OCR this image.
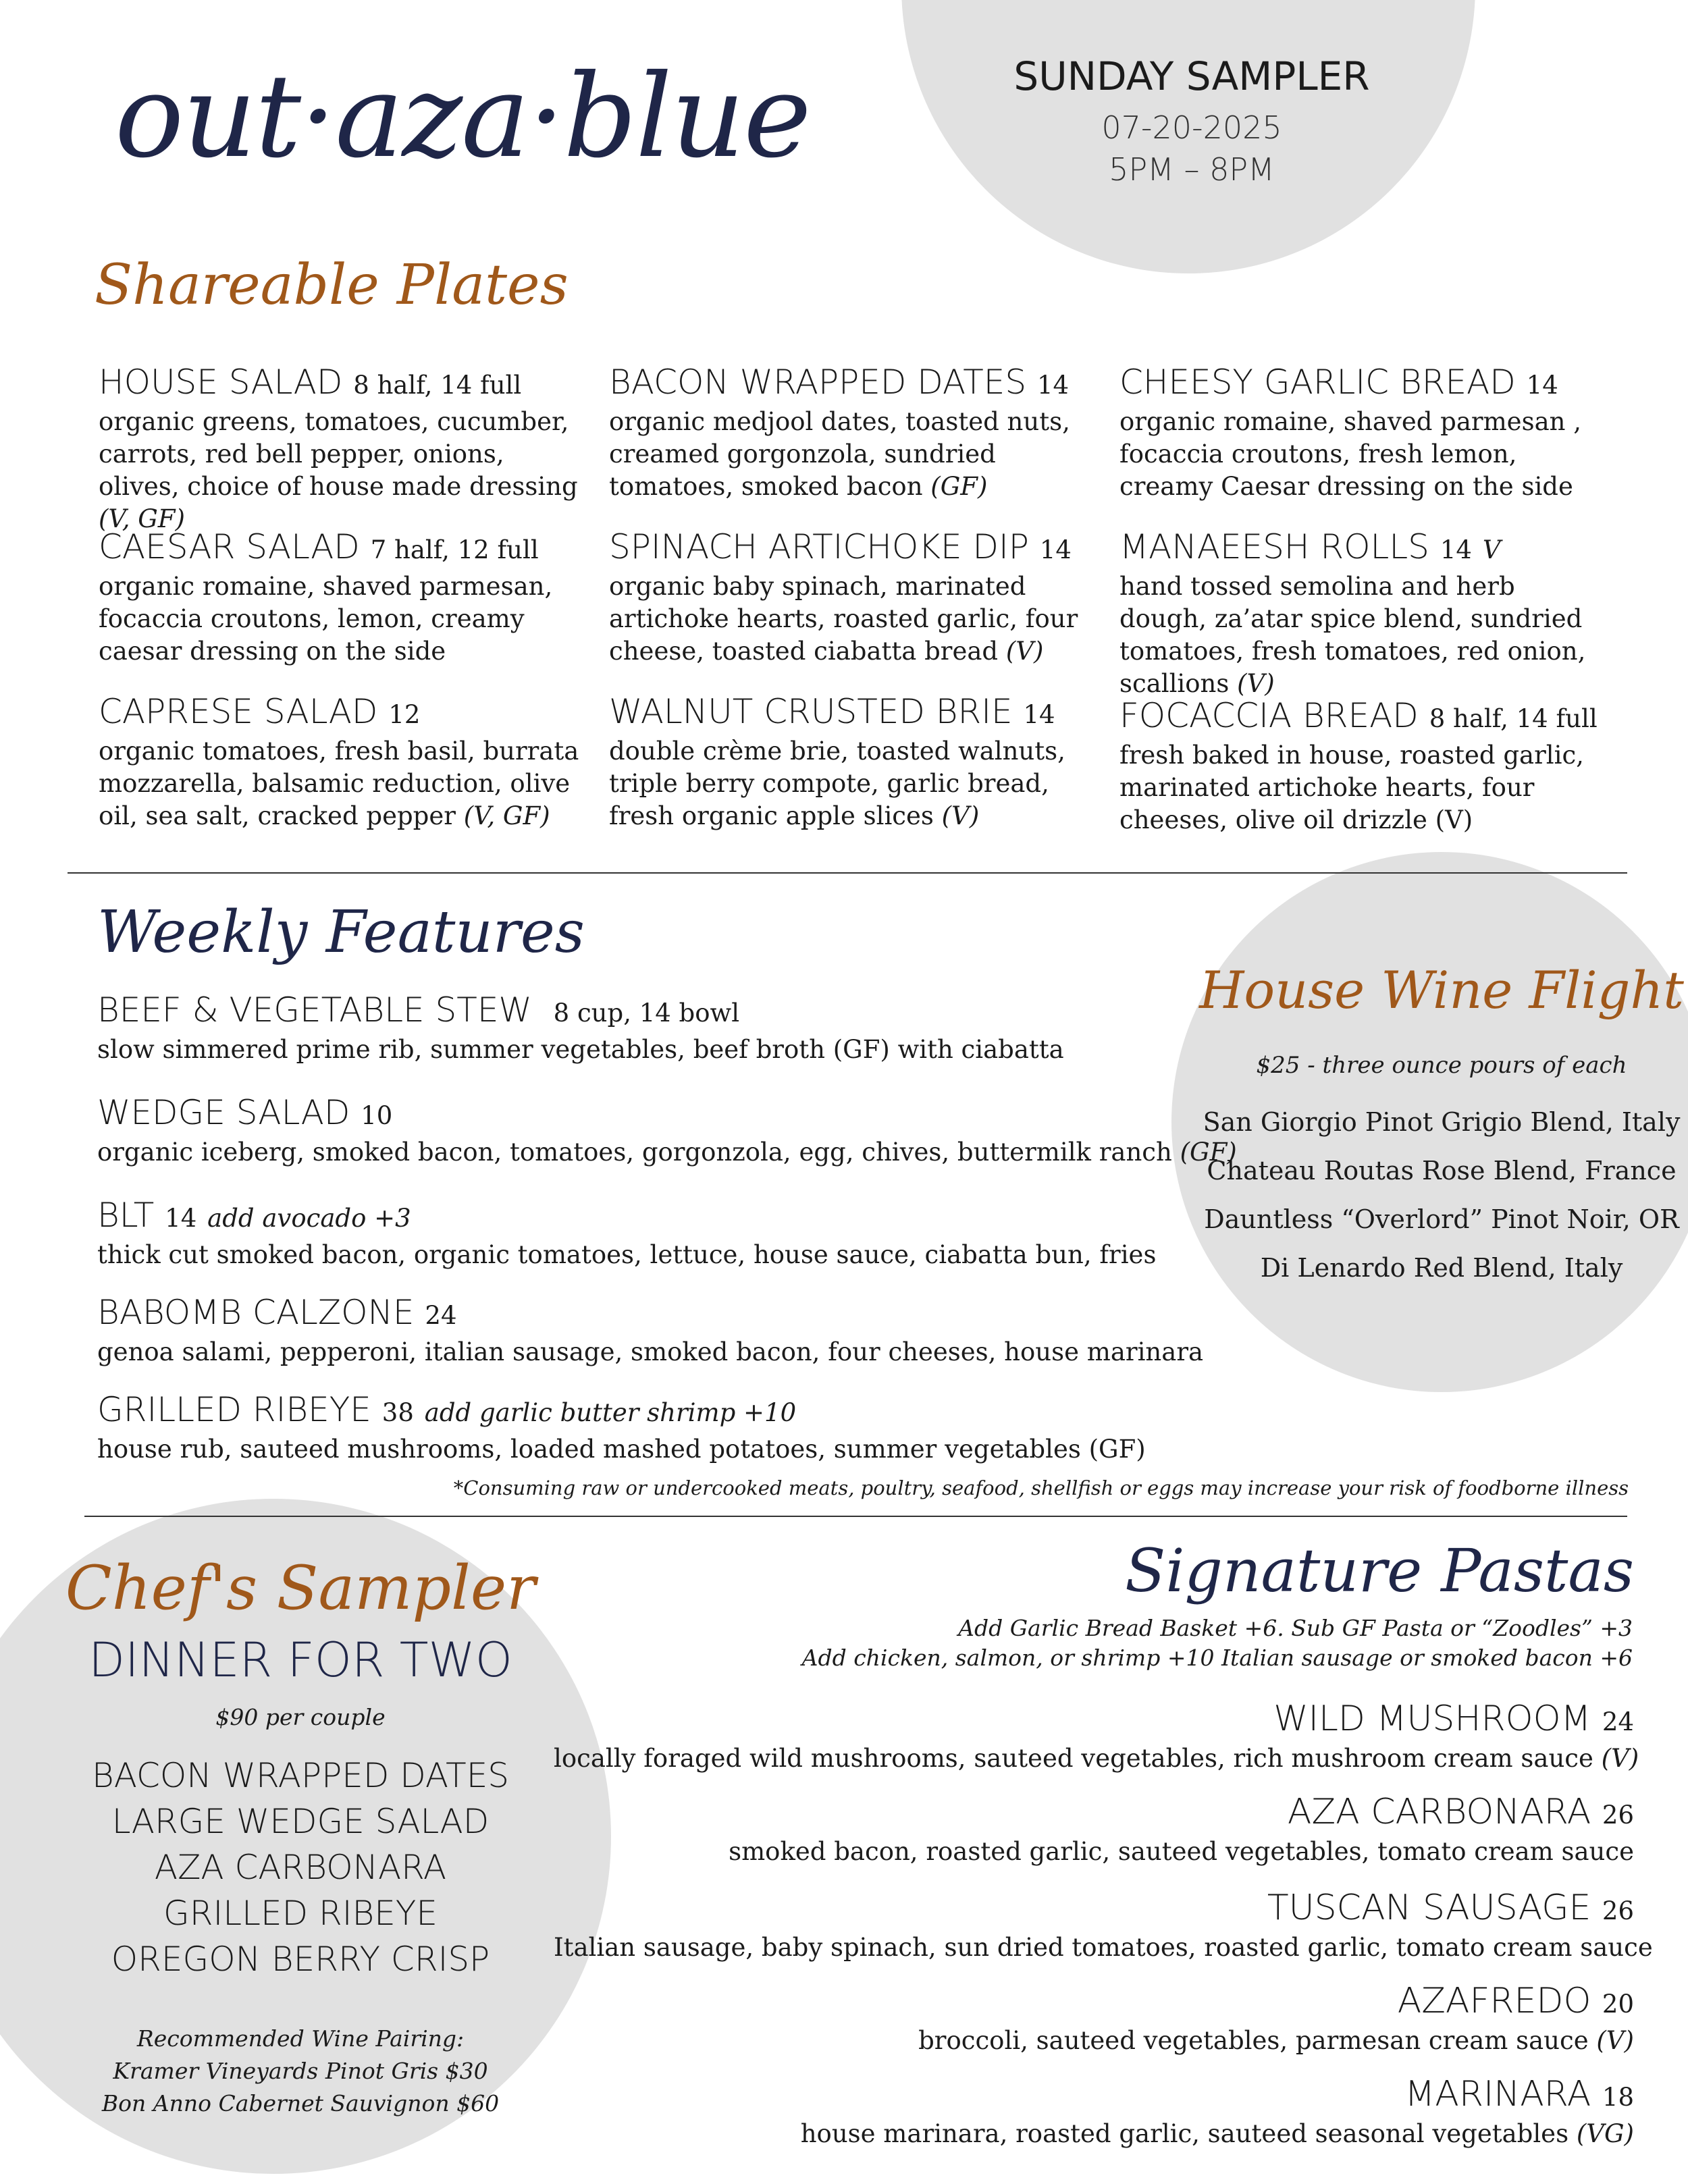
out·aza·blue	SUNDAY SAMPLER
07-20-2025
5PM – 8PM
Shareable Plates
HOUSE SALAD 8 half, 14 full
organic greens, tomatoes, cucumber, carrots, red bell pepper, onions, olives, choice of house made dressing (V, GF)
CAESAR SALAD 7 half, 12 full
organic romaine, shaved parmesan, focaccia croutons, lemon, creamy caesar dressing on the side
CAPRESE SALAD 12
organic tomatoes, fresh basil, burrata mozzarella, balsamic reduction, olive oil, sea salt, cracked pepper (V, GF)
BACON WRAPPED DATES 14
organic medjool dates, toasted nuts, creamed gorgonzola, sundried tomatoes, smoked bacon (GF)
SPINACH ARTICHOKE DIP 14
organic baby spinach, marinated artichoke hearts, roasted garlic, four cheese, toasted ciabatta bread (V)
WALNUT CRUSTED BRIE 14
double crème brie, toasted walnuts, triple berry compote, garlic bread, fresh organic apple slices (V)
CHEESY GARLIC BREAD 14
organic romaine, shaved parmesan , focaccia croutons, fresh lemon, creamy Caesar dressing on the side
MANAEESH ROLLS 14 V
hand tossed semolina and herb dough, za’atar spice blend, sundried tomatoes, fresh tomatoes, red onion, scallions (V)
FOCACCIA BREAD 8 half, 14 full
fresh baked in house, roasted garlic, marinated artichoke hearts, four cheeses, olive oil drizzle (V)
Weekly Features
BEEF & VEGETABLE STEW 8 cup, 14 bowl
slow simmered prime rib, summer vegetables, beef broth (GF) with ciabatta
WEDGE SALAD 10
organic iceberg, smoked bacon, tomatoes, gorgonzola, egg, chives, buttermilk ranch (GF)
BLT 14 add avocado +3
thick cut smoked bacon, organic tomatoes, lettuce, house sauce, ciabatta bun, fries
BABOMB CALZONE 24
genoa salami, pepperoni, italian sausage, smoked bacon, four cheeses, house marinara
GRILLED RIBEYE 38 add garlic butter shrimp +10
house rub, sauteed mushrooms, loaded mashed potatoes, summer vegetables (GF)
*Consuming raw or undercooked meats, poultry, seafood, shellfish or eggs may increase your risk of foodborne illness
House Wine Flight
$25 - three ounce pours of each
San Giorgio Pinot Grigio Blend, Italy
Chateau Routas Rose Blend, France
Dauntless “Overlord” Pinot Noir, OR
Di Lenardo Red Blend, Italy
Chef's Sampler
DINNER FOR TWO
$90 per couple
BACON WRAPPED DATES
LARGE WEDGE SALAD
AZA CARBONARA
GRILLED RIBEYE
OREGON BERRY CRISP
Recommended Wine Pairing:
Kramer Vineyards Pinot Gris $30
Bon Anno Cabernet Sauvignon $60
Signature Pastas
Add Garlic Bread Basket +6. Sub GF Pasta or “Zoodles” +3
Add chicken, salmon, or shrimp +10 Italian sausage or smoked bacon +6
WILD MUSHROOM 24
locally foraged wild mushrooms, sauteed vegetables, rich mushroom cream sauce (V)
AZA CARBONARA 26
smoked bacon, roasted garlic, sauteed vegetables, tomato cream sauce
TUSCAN SAUSAGE 26
Italian sausage, baby spinach, sun dried tomatoes, roasted garlic, tomato cream sauce
AZAFREDO 20
broccoli, sauteed vegetables, parmesan cream sauce (V)
MARINARA 18
house marinara, roasted garlic, sauteed seasonal vegetables (VG)
